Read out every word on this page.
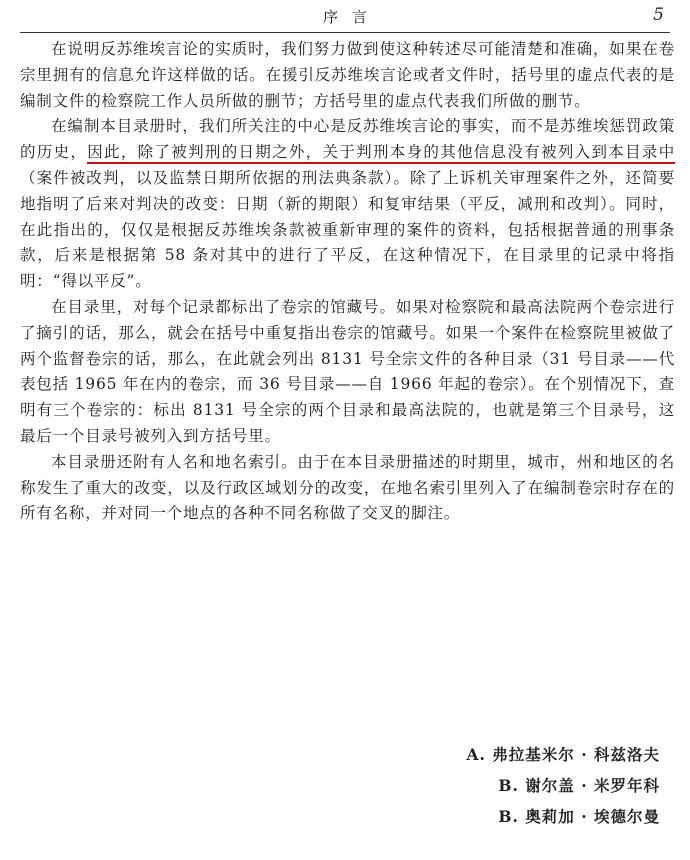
序言	5

在说明反苏维埃言论的实质时，我们努力做到使这种转述尽可能清楚和准确，如果在卷宗里拥有的信息允许这样做的话。在援引反苏维埃言论或者文件时，括号里的虚点代表的是编制文件的检察院工作人员所做的删节；方括号里的虚点代表我们所做的删节。

在编制本目录册时，我们所关注的中心是反苏维埃言论的事实，而不是苏维埃惩罚政策的历史，因此，除了被判刑的日期之外，关于判刑本身的其他信息没有被列入到本目录中（案件被改判，以及监禁日期所依据的刑法典条款）。除了上诉机关审理案件之外，还简要地指明了后来对判决的改变：日期（新的期限）和复审结果（平反，减刑和改判）。同时，在此指出的，仅仅是根据反苏维埃条款被重新审理的案件的资料，包括根据普通的刑事条款，后来是根据第 58 条对其中的进行了平反，在这种情况下，在目录里的记录中将指明：“得以平反”。

在目录里，对每个记录都标出了卷宗的馆藏号。如果对检察院和最高法院两个卷宗进行了摘引的话，那么，就会在括号中重复指出卷宗的馆藏号。如果一个案件在检察院里被做了两个监督卷宗的话，那么，在此就会列出 8131 号全宗文件的各种目录（31 号目录——代表包括 1965 年在内的卷宗，而 36 号目录——自 1966 年起的卷宗）。在个别情况下，查明有三个卷宗的：标出 8131 号全宗的两个目录和最高法院的，也就是第三个目录号，这最后一个目录号被列入到方括号里。

本目录册还附有人名和地名索引。由于在本目录册描述的时期里，城市，州和地区的名称发生了重大的改变，以及行政区域划分的改变，在地名索引里列入了在编制卷宗时存在的所有名称，并对同一个地点的各种不同名称做了交叉的脚注。

A. 弗拉基米尔 · 科兹洛夫
B. 谢尔盖 · 米罗年科
B. 奥莉加 · 埃德尔曼
